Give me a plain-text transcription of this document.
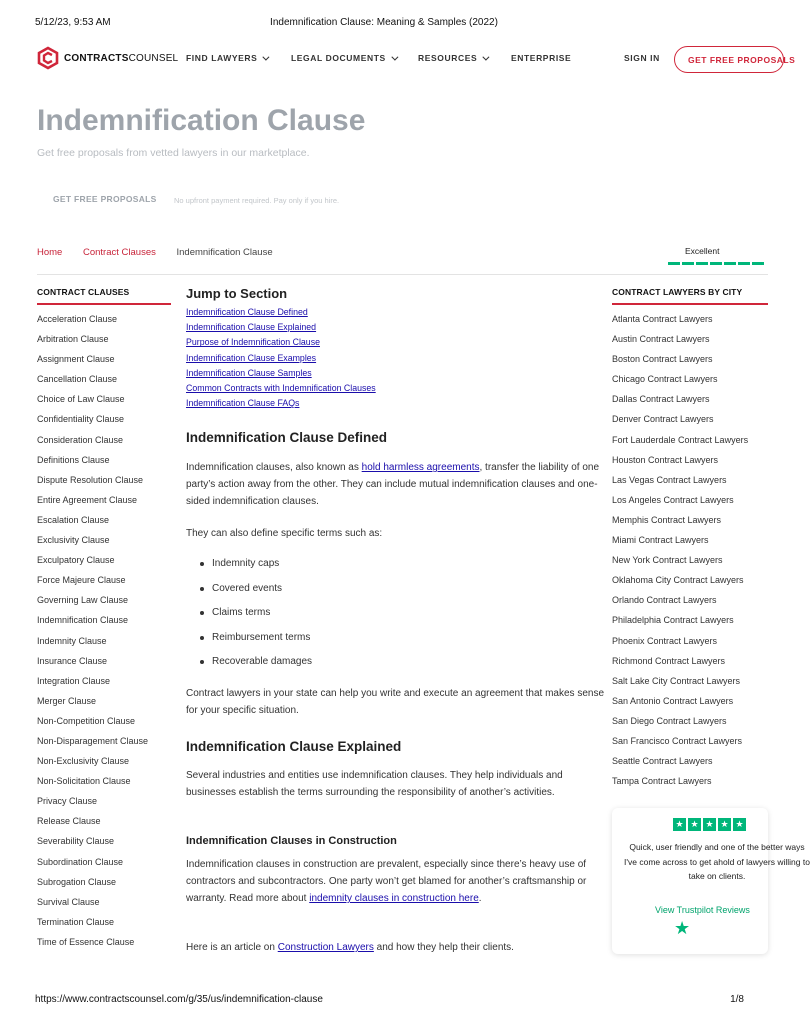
5/12/23, 9:53 AM	Indemnification Clause: Meaning & Samples (2022)
CONTRACTSCOUNSEL FIND LAWYERS	LEGAL DOCUMENTS	RESOURCES	ENTERPRISE	SIGN IN	GET FREE PROPOSALS
Indemnification Clause
Get free proposals from vetted lawyers in our marketplace.
GET FREE PROPOSALS No upfront payment required. Pay only if you hire.
Home Contract Clauses Indemnification Clause	Excellent
CONTRACT CLAUSES
Acceleration Clause
Arbitration Clause
Assignment Clause
Cancellation Clause
Choice of Law Clause
Confidentiality Clause
Consideration Clause
Definitions Clause
Dispute Resolution Clause
Entire Agreement Clause
Escalation Clause
Exclusivity Clause
Exculpatory Clause
Force Majeure Clause
Governing Law Clause
Indemnification Clause
Indemnity Clause
Insurance Clause
Integration Clause
Merger Clause
Non-Competition Clause
Non-Disparagement Clause
Non-Exclusivity Clause
Non-Solicitation Clause
Privacy Clause
Release Clause
Severability Clause
Subordination Clause
Subrogation Clause
Survival Clause
Termination Clause
Time of Essence Clause
CONTRACT LAWYERS BY CITY
Atlanta Contract Lawyers
Austin Contract Lawyers
Boston Contract Lawyers
Chicago Contract Lawyers
Dallas Contract Lawyers
Denver Contract Lawyers
Fort Lauderdale Contract Lawyers
Houston Contract Lawyers
Las Vegas Contract Lawyers
Los Angeles Contract Lawyers
Memphis Contract Lawyers
Miami Contract Lawyers
New York Contract Lawyers
Oklahoma City Contract Lawyers
Orlando Contract Lawyers
Philadelphia Contract Lawyers
Phoenix Contract Lawyers
Richmond Contract Lawyers
Salt Lake City Contract Lawyers
San Antonio Contract Lawyers
San Diego Contract Lawyers
San Francisco Contract Lawyers
Seattle Contract Lawyers
Tampa Contract Lawyers
Jump to Section
Indemnification Clause Defined
Indemnification Clause Explained
Purpose of Indemnification Clause
Indemnification Clause Examples
Indemnification Clause Samples
Common Contracts with Indemnification Clauses
Indemnification Clause FAQs
Indemnification Clause Defined
Indemnification clauses, also known as hold harmless agreements, transfer the liability of one party’s action away from the other. They can include mutual indemnification clauses and one-sided indemnification clauses.
They can also define specific terms such as:
Indemnity caps
Covered events
Claims terms
Reimbursement terms
Recoverable damages
Contract lawyers in your state can help you write and execute an agreement that makes sense for your specific situation.
Indemnification Clause Explained
Several industries and entities use indemnification clauses. They help individuals and businesses establish the terms surrounding the responsibility of another’s activities.
Indemnification Clauses in Construction
Indemnification clauses in construction are prevalent, especially since there’s heavy use of contractors and subcontractors. One party won’t get blamed for another’s craftsmanship or warranty. Read more about indemnity clauses in construction here.
Here is an article on Construction Lawyers and how they help their clients.
★ ★ ★ ★ ★
Quick, user friendly and one of the better ways I've come across to get ahold of lawyers willing to take on clients.
View Trustpilot Reviews
★
https://www.contractscounsel.com/g/35/us/indemnification-clause	1/8
